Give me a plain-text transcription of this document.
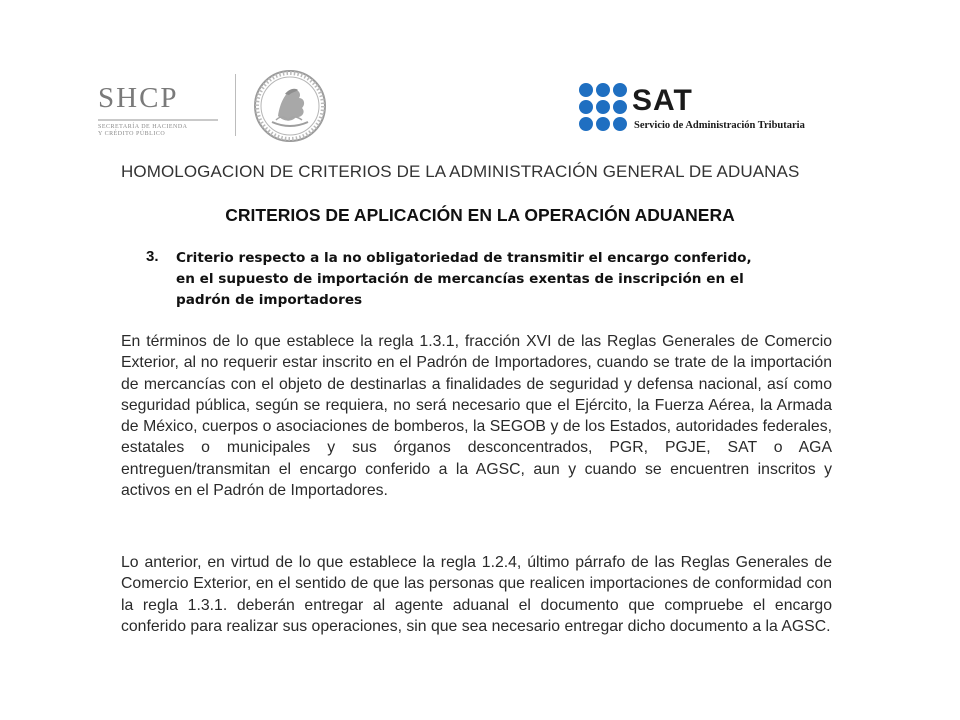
SHCP
SECRETARÍA DE HACIENDA
Y CRÉDITO PÚBLICO
SAT
Servicio de Administración Tributaria
HOMOLOGACION DE CRITERIOS DE LA ADMINISTRACIÓN GENERAL DE ADUANAS
CRITERIOS DE APLICACIÓN EN LA OPERACIÓN ADUANERA
3. Criterio respecto a la no obligatoriedad de transmitir el encargo conferido,
en el supuesto de importación de mercancías exentas de inscripción en el
padrón de importadores
En términos de lo que establece la regla 1.3.1, fracción XVI de las Reglas Generales de Comercio Exterior, al no requerir estar inscrito en el Padrón de Importadores, cuando se trate de la importación de mercancías con el objeto de destinarlas a finalidades de seguridad y defensa nacional, así como seguridad pública, según se requiera, no será necesario que el Ejército, la Fuerza Aérea, la Armada de México, cuerpos o asociaciones de bomberos, la SEGOB y de los Estados, autoridades federales, estatales o municipales y sus órganos desconcentrados, PGR, PGJE, SAT o AGA entreguen/transmitan el encargo conferido a la AGSC, aun y cuando se encuentren inscritos y activos en el Padrón de Importadores.
Lo anterior, en virtud de lo que establece la regla 1.2.4, último párrafo de las Reglas Generales de Comercio Exterior, en el sentido de que las personas que realicen importaciones de conformidad con la regla 1.3.1. deberán entregar al agente aduanal el documento que compruebe el encargo conferido para realizar sus operaciones, sin que sea necesario entregar dicho documento a la AGSC.
